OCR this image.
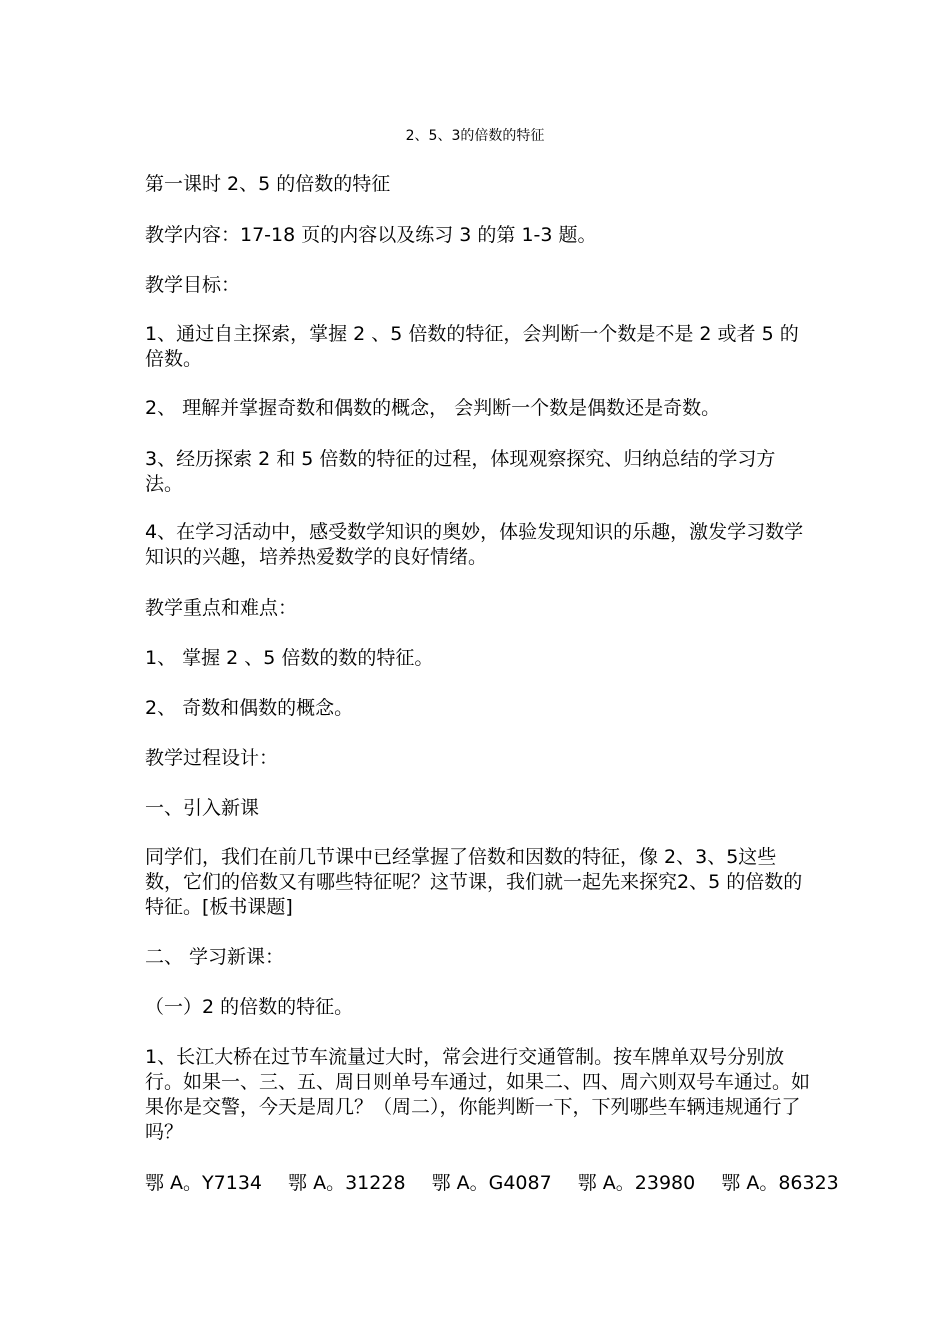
2、5、3的倍数的特征

第一课时 2、5 的倍数的特征

教学内容：17-18 页的内容以及练习 3 的第 1-3 题。

教学目标：

1、通过自主探索，掌握 2 、5 倍数的特征，会判断一个数是不是 2 或者 5 的倍数。

2、 理解并掌握奇数和偶数的概念， 会判断一个数是偶数还是奇数。

3、经历探索 2 和 5 倍数的特征的过程，体现观察探究、归纳总结的学习方法。

4、在学习活动中，感受数学知识的奥妙，体验发现知识的乐趣，激发学习数学知识的兴趣，培养热爱数学的良好情绪。

教学重点和难点：

1、 掌握 2 、5 倍数的数的特征。

2、 奇数和偶数的概念。

教学过程设计：

一、引入新课

同学们，我们在前几节课中已经掌握了倍数和因数的特征，像 2、3、5这些数，它们的倍数又有哪些特征呢？这节课，我们就一起先来探究2、5 的倍数的特征。[板书课题]

二、 学习新课：

（一）2 的倍数的特征。

1、长江大桥在过节车流量过大时，常会进行交通管制。按车牌单双号分别放行。如果一、三、五、周日则单号车通过，如果二、四、周六则双号车通过。如果你是交警，今天是周几？（周二），你能判断一下，下列哪些车辆违规通行了吗？

鄂 A。Y7134 鄂 A。31228 鄂 A。G4087 鄂 A。23980 鄂 A。86323
